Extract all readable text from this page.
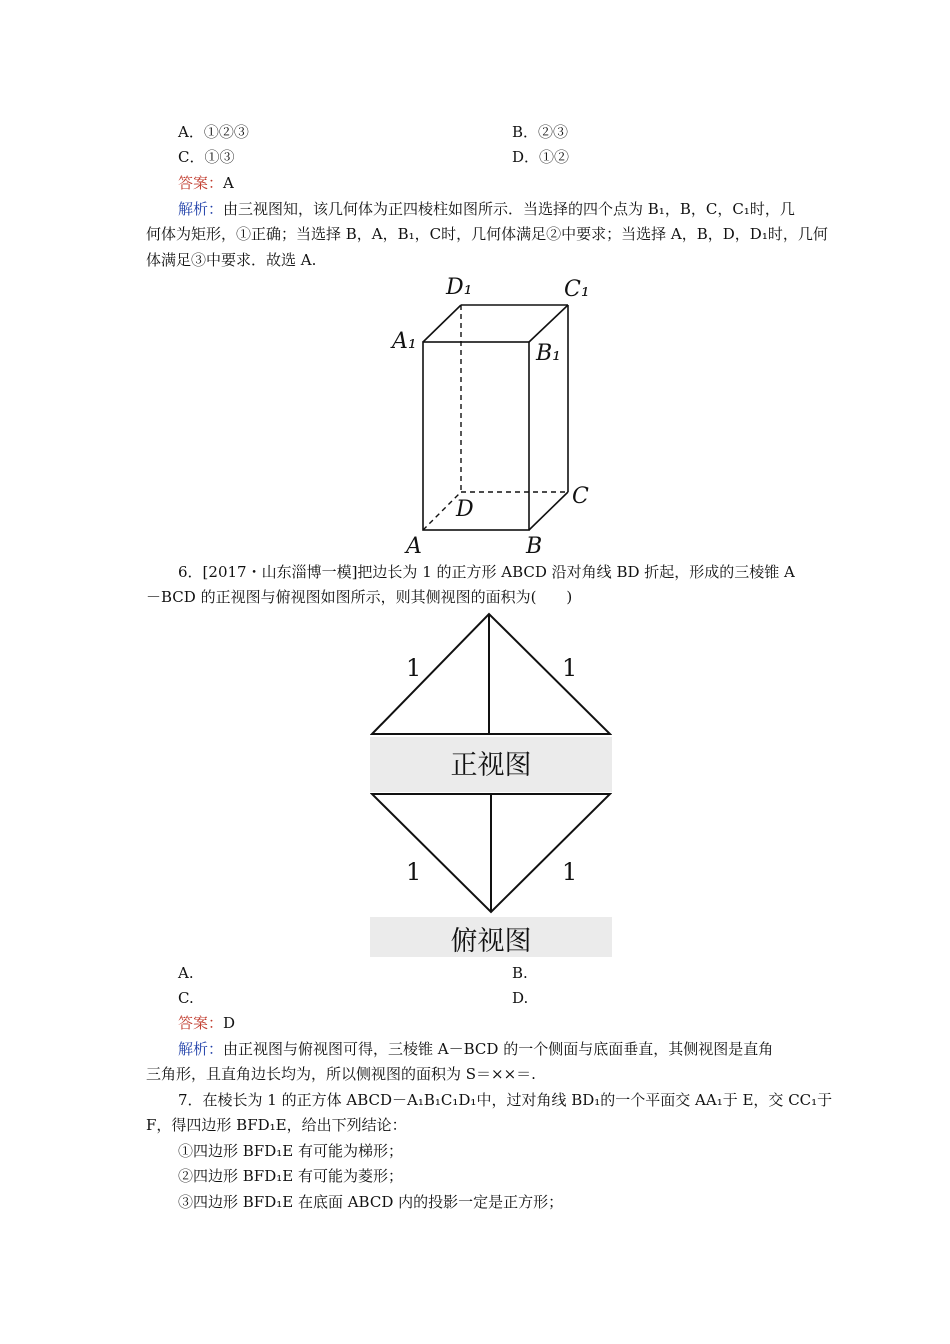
A．①②③	B．②③
C．①③	D．①②
答案：A
解析：由三视图知，该几何体为正四棱柱如图所示．当选择的四个点为 B₁，B，C，C₁时，几
何体为矩形，①正确；当选择 B，A，B₁，C时，几何体满足②中要求；当选择 A，B，D，D₁时，几何
体满足③中要求．故选 A.
D₁	C₁
A₁	B₁
C
D
A	B
6．[2017・山东淄博一模]把边长为 1 的正方形 ABCD 沿对角线 BD 折起，形成的三棱锥 A
－BCD 的正视图与俯视图如图所示，则其侧视图的面积为(　　)
1	1
正视图
1	1
俯视图
A.	B.
C.	D.
答案：D
解析：由正视图与俯视图可得，三棱锥 A－BCD 的一个侧面与底面垂直，其侧视图是直角
三角形，且直角边长均为，所以侧视图的面积为 S＝××＝.
7．在棱长为 1 的正方体 ABCD－A₁B₁C₁D₁中，过对角线 BD₁的一个平面交 AA₁于 E，交 CC₁于
F，得四边形 BFD₁E，给出下列结论：
①四边形 BFD₁E 有可能为梯形；
②四边形 BFD₁E 有可能为菱形；
③四边形 BFD₁E 在底面 ABCD 内的投影一定是正方形；
